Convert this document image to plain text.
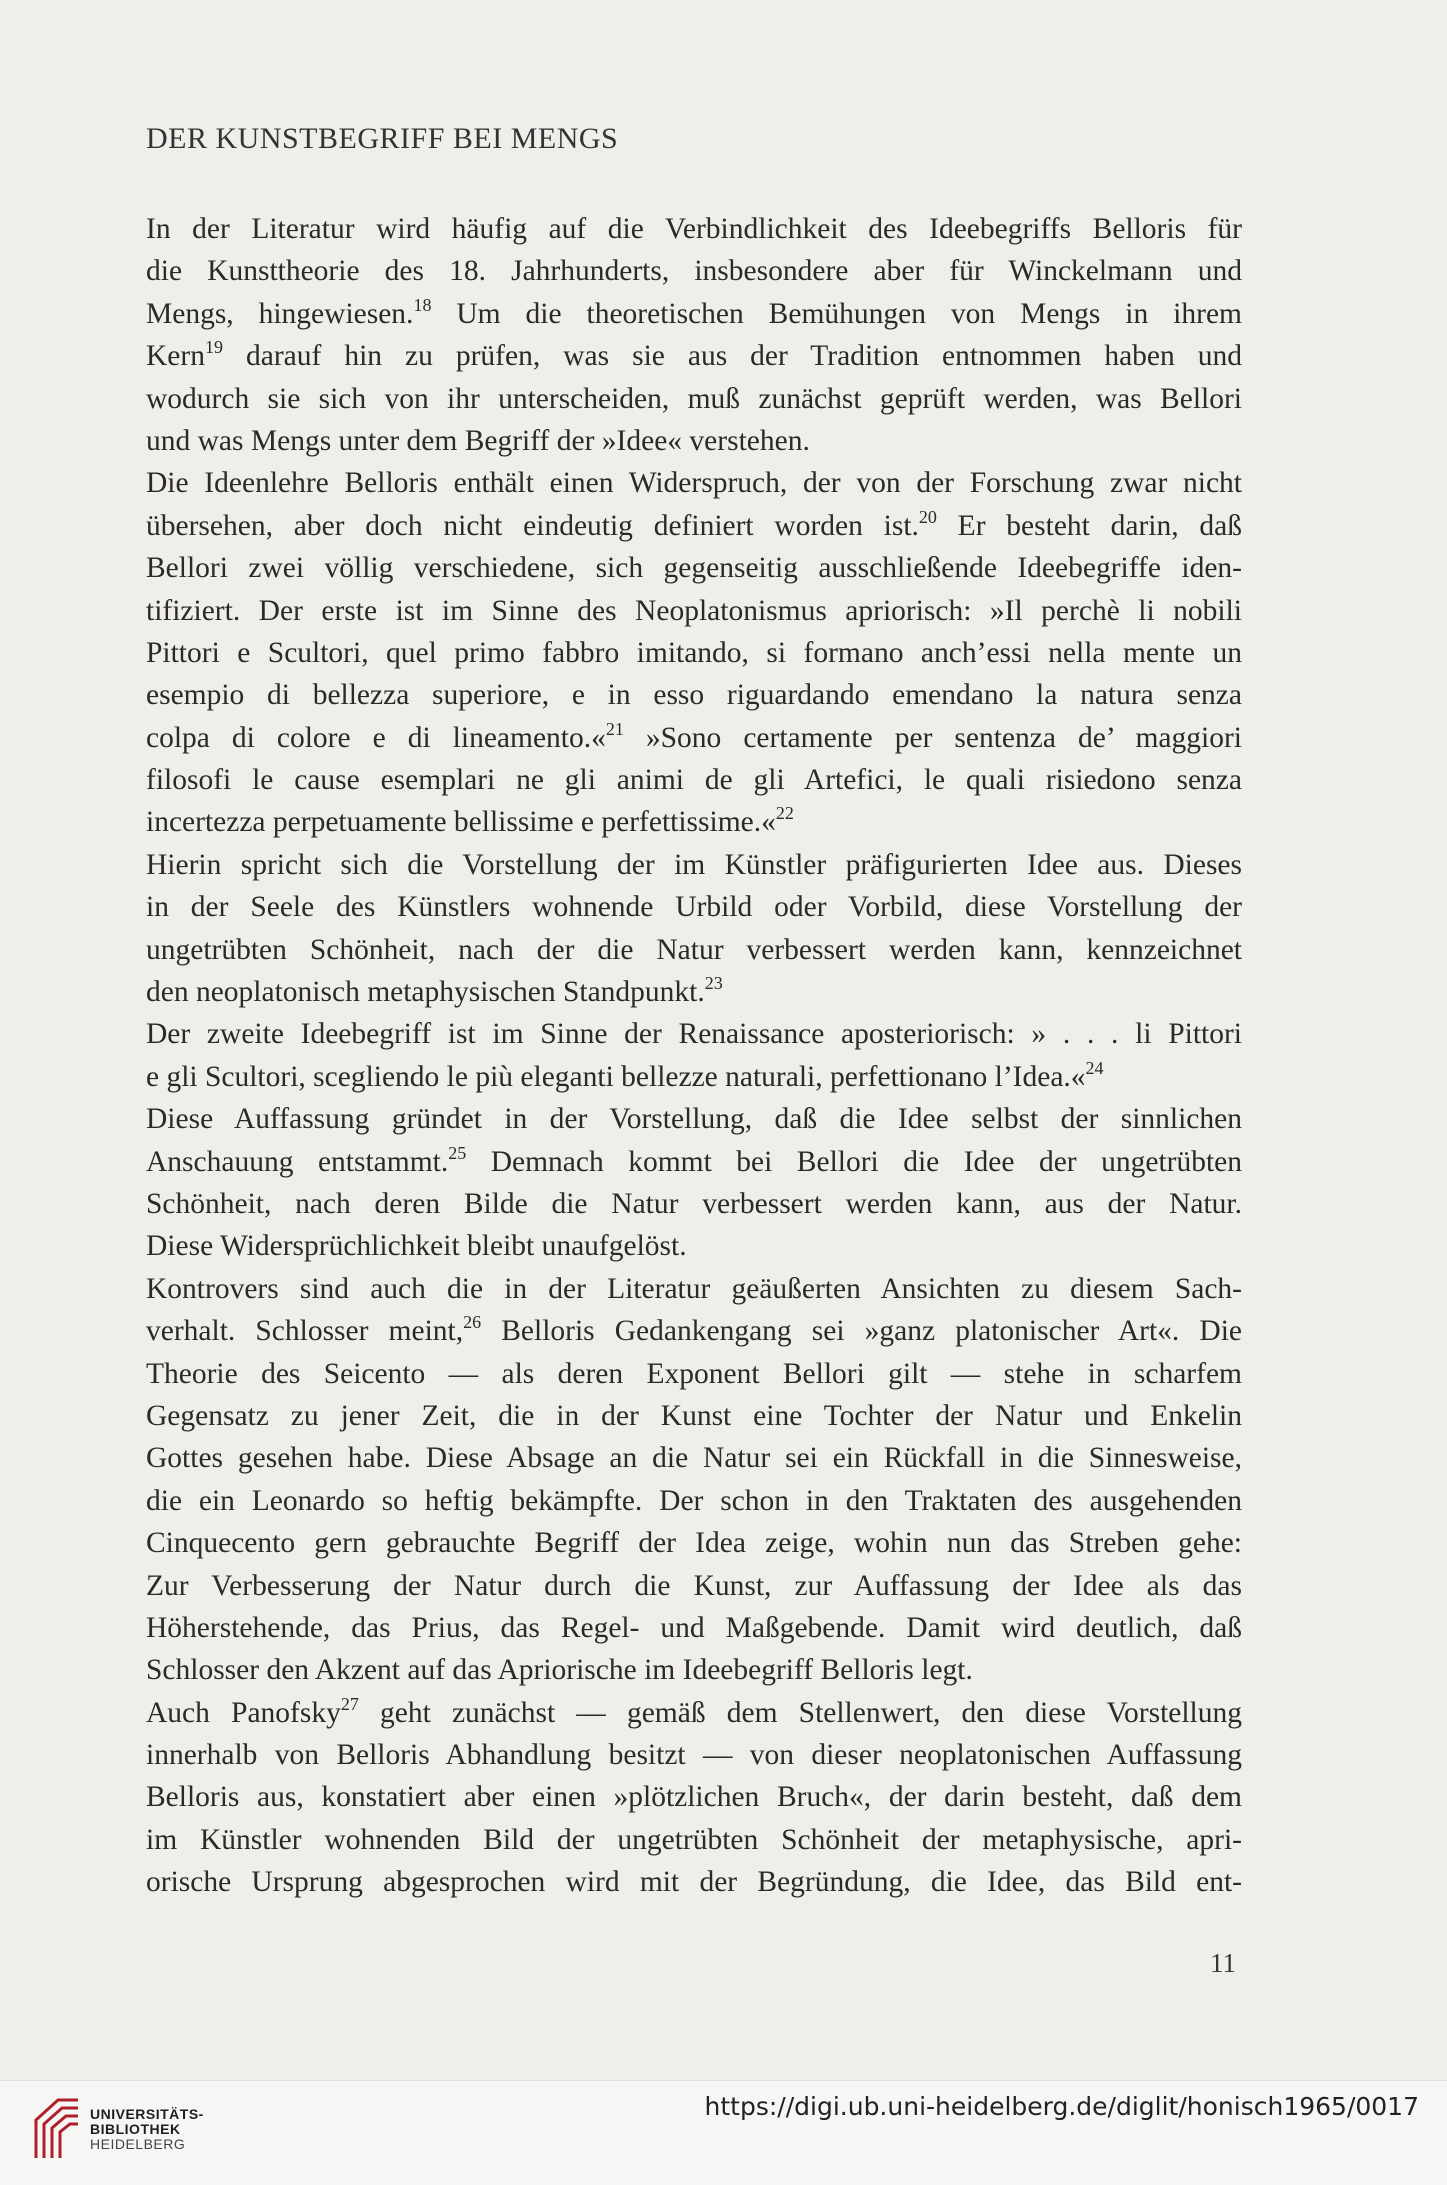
DER KUNSTBEGRIFF BEI MENGS
In der Literatur wird häufig auf die Verbindlichkeit des Ideebegriffs Belloris für
die Kunsttheorie des 18. Jahrhunderts, insbesondere aber für Winckelmann und
Mengs, hingewiesen.$^{18}$ Um die theoretischen Bemühungen von Mengs in ihrem
Kern$^{19}$ darauf hin zu prüfen, was sie aus der Tradition entnommen haben und
wodurch sie sich von ihr unterscheiden, muß zunächst geprüft werden, was Bellori
und was Mengs unter dem Begriff der »Idee« verstehen.
Die Ideenlehre Belloris enthält einen Widerspruch, der von der Forschung zwar nicht
übersehen, aber doch nicht eindeutig definiert worden ist.$^{20}$ Er besteht darin, daß
Bellori zwei völlig verschiedene, sich gegenseitig ausschließende Ideebegriffe iden-
tifiziert. Der erste ist im Sinne des Neoplatonismus apriorisch: »Il perchè li nobili
Pittori e Scultori, quel primo fabbro imitando, si formano anch’essi nella mente un
esempio di bellezza superiore, e in esso riguardando emendano la natura senza
colpa di colore e di lineamento.«$^{21}$ »Sono certamente per sentenza de’ maggiori
filosofi le cause esemplari ne gli animi de gli Artefici, le quali risiedono senza
incertezza perpetuamente bellissime e perfettissime.«$^{22}$
Hierin spricht sich die Vorstellung der im Künstler präfigurierten Idee aus. Dieses
in der Seele des Künstlers wohnende Urbild oder Vorbild, diese Vorstellung der
ungetrübten Schönheit, nach der die Natur verbessert werden kann, kennzeichnet
den neoplatonisch metaphysischen Standpunkt.$^{23}$
Der zweite Ideebegriff ist im Sinne der Renaissance aposteriorisch: » . . . li Pittori
e gli Scultori, scegliendo le più eleganti bellezze naturali, perfettionano l’Idea.«$^{24}$
Diese Auffassung gründet in der Vorstellung, daß die Idee selbst der sinnlichen
Anschauung entstammt.$^{25}$ Demnach kommt bei Bellori die Idee der ungetrübten
Schönheit, nach deren Bilde die Natur verbessert werden kann, aus der Natur.
Diese Widersprüchlichkeit bleibt unaufgelöst.
Kontrovers sind auch die in der Literatur geäußerten Ansichten zu diesem Sach-
verhalt. Schlosser meint,$^{26}$ Belloris Gedankengang sei »ganz platonischer Art«. Die
Theorie des Seicento — als deren Exponent Bellori gilt — stehe in scharfem
Gegensatz zu jener Zeit, die in der Kunst eine Tochter der Natur und Enkelin
Gottes gesehen habe. Diese Absage an die Natur sei ein Rückfall in die Sinnesweise,
die ein Leonardo so heftig bekämpfte. Der schon in den Traktaten des ausgehenden
Cinquecento gern gebrauchte Begriff der Idea zeige, wohin nun das Streben gehe:
Zur Verbesserung der Natur durch die Kunst, zur Auffassung der Idee als das
Höherstehende, das Prius, das Regel- und Maßgebende. Damit wird deutlich, daß
Schlosser den Akzent auf das Apriorische im Ideebegriff Belloris legt.
Auch Panofsky$^{27}$ geht zunächst — gemäß dem Stellenwert, den diese Vorstellung
innerhalb von Belloris Abhandlung besitzt — von dieser neoplatonischen Auffassung
Belloris aus, konstatiert aber einen »plötzlichen Bruch«, der darin besteht, daß dem
im Künstler wohnenden Bild der ungetrübten Schönheit der metaphysische, apri-
orische Ursprung abgesprochen wird mit der Begründung, die Idee, das Bild ent-
11
UNIVERSITÄTS-
BIBLIOTHEK
HEIDELBERG
https://digi.ub.uni-heidelberg.de/diglit/honisch1965/0017
